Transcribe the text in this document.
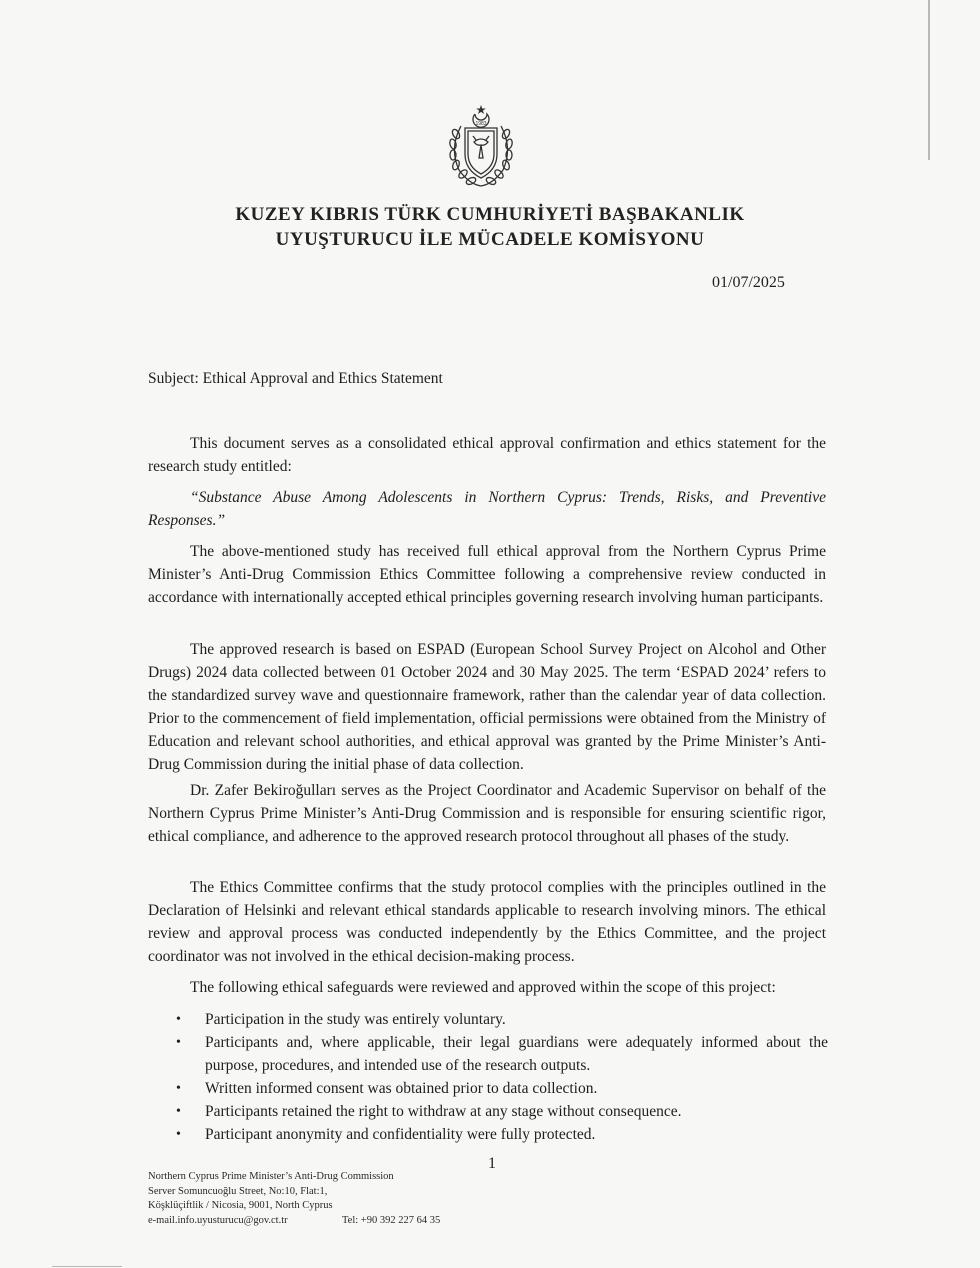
1983
KUZEY KIBRIS TÜRK CUMHURİYETİ BAŞBAKANLIK
UYUŞTURUCU İLE MÜCADELE KOMİSYONU
01/07/2025
Subject: Ethical Approval and Ethics Statement
This document serves as a consolidated ethical approval confirmation and ethics statement for the research study entitled:
“Substance Abuse Among Adolescents in Northern Cyprus: Trends, Risks, and Preventive Responses.”
The above-mentioned study has received full ethical approval from the Northern Cyprus Prime Minister’s Anti-Drug Commission Ethics Committee following a comprehensive review conducted in accordance with internationally accepted ethical principles governing research involving human participants.
The approved research is based on ESPAD (European School Survey Project on Alcohol and Other Drugs) 2024 data collected between 01 October 2024 and 30 May 2025. The term ‘ESPAD 2024’ refers to the standardized survey wave and questionnaire framework, rather than the calendar year of data collection. Prior to the commencement of field implementation, official permissions were obtained from the Ministry of Education and relevant school authorities, and ethical approval was granted by the Prime Minister’s Anti-Drug Commission during the initial phase of data collection.
Dr. Zafer Bekiroğulları serves as the Project Coordinator and Academic Supervisor on behalf of the Northern Cyprus Prime Minister’s Anti-Drug Commission and is responsible for ensuring scientific rigor, ethical compliance, and adherence to the approved research protocol throughout all phases of the study.
The Ethics Committee confirms that the study protocol complies with the principles outlined in the Declaration of Helsinki and relevant ethical standards applicable to research involving minors. The ethical review and approval process was conducted independently by the Ethics Committee, and the project coordinator was not involved in the ethical decision-making process.
The following ethical safeguards were reviewed and approved within the scope of this project:
• Participation in the study was entirely voluntary.
• Participants and, where applicable, their legal guardians were adequately informed about the purpose, procedures, and intended use of the research outputs.
• Written informed consent was obtained prior to data collection.
• Participants retained the right to withdraw at any stage without consequence.
• Participant anonymity and confidentiality were fully protected.
1
Northern Cyprus Prime Minister’s Anti-Drug Commission
Server Somuncuoğlu Street, No:10, Flat:1,
Köşklüçiftlik / Nicosia, 9001, North Cyprus
e-mail.info.uyusturucu@gov.ct.tr	Tel: +90 392 227 64 35
